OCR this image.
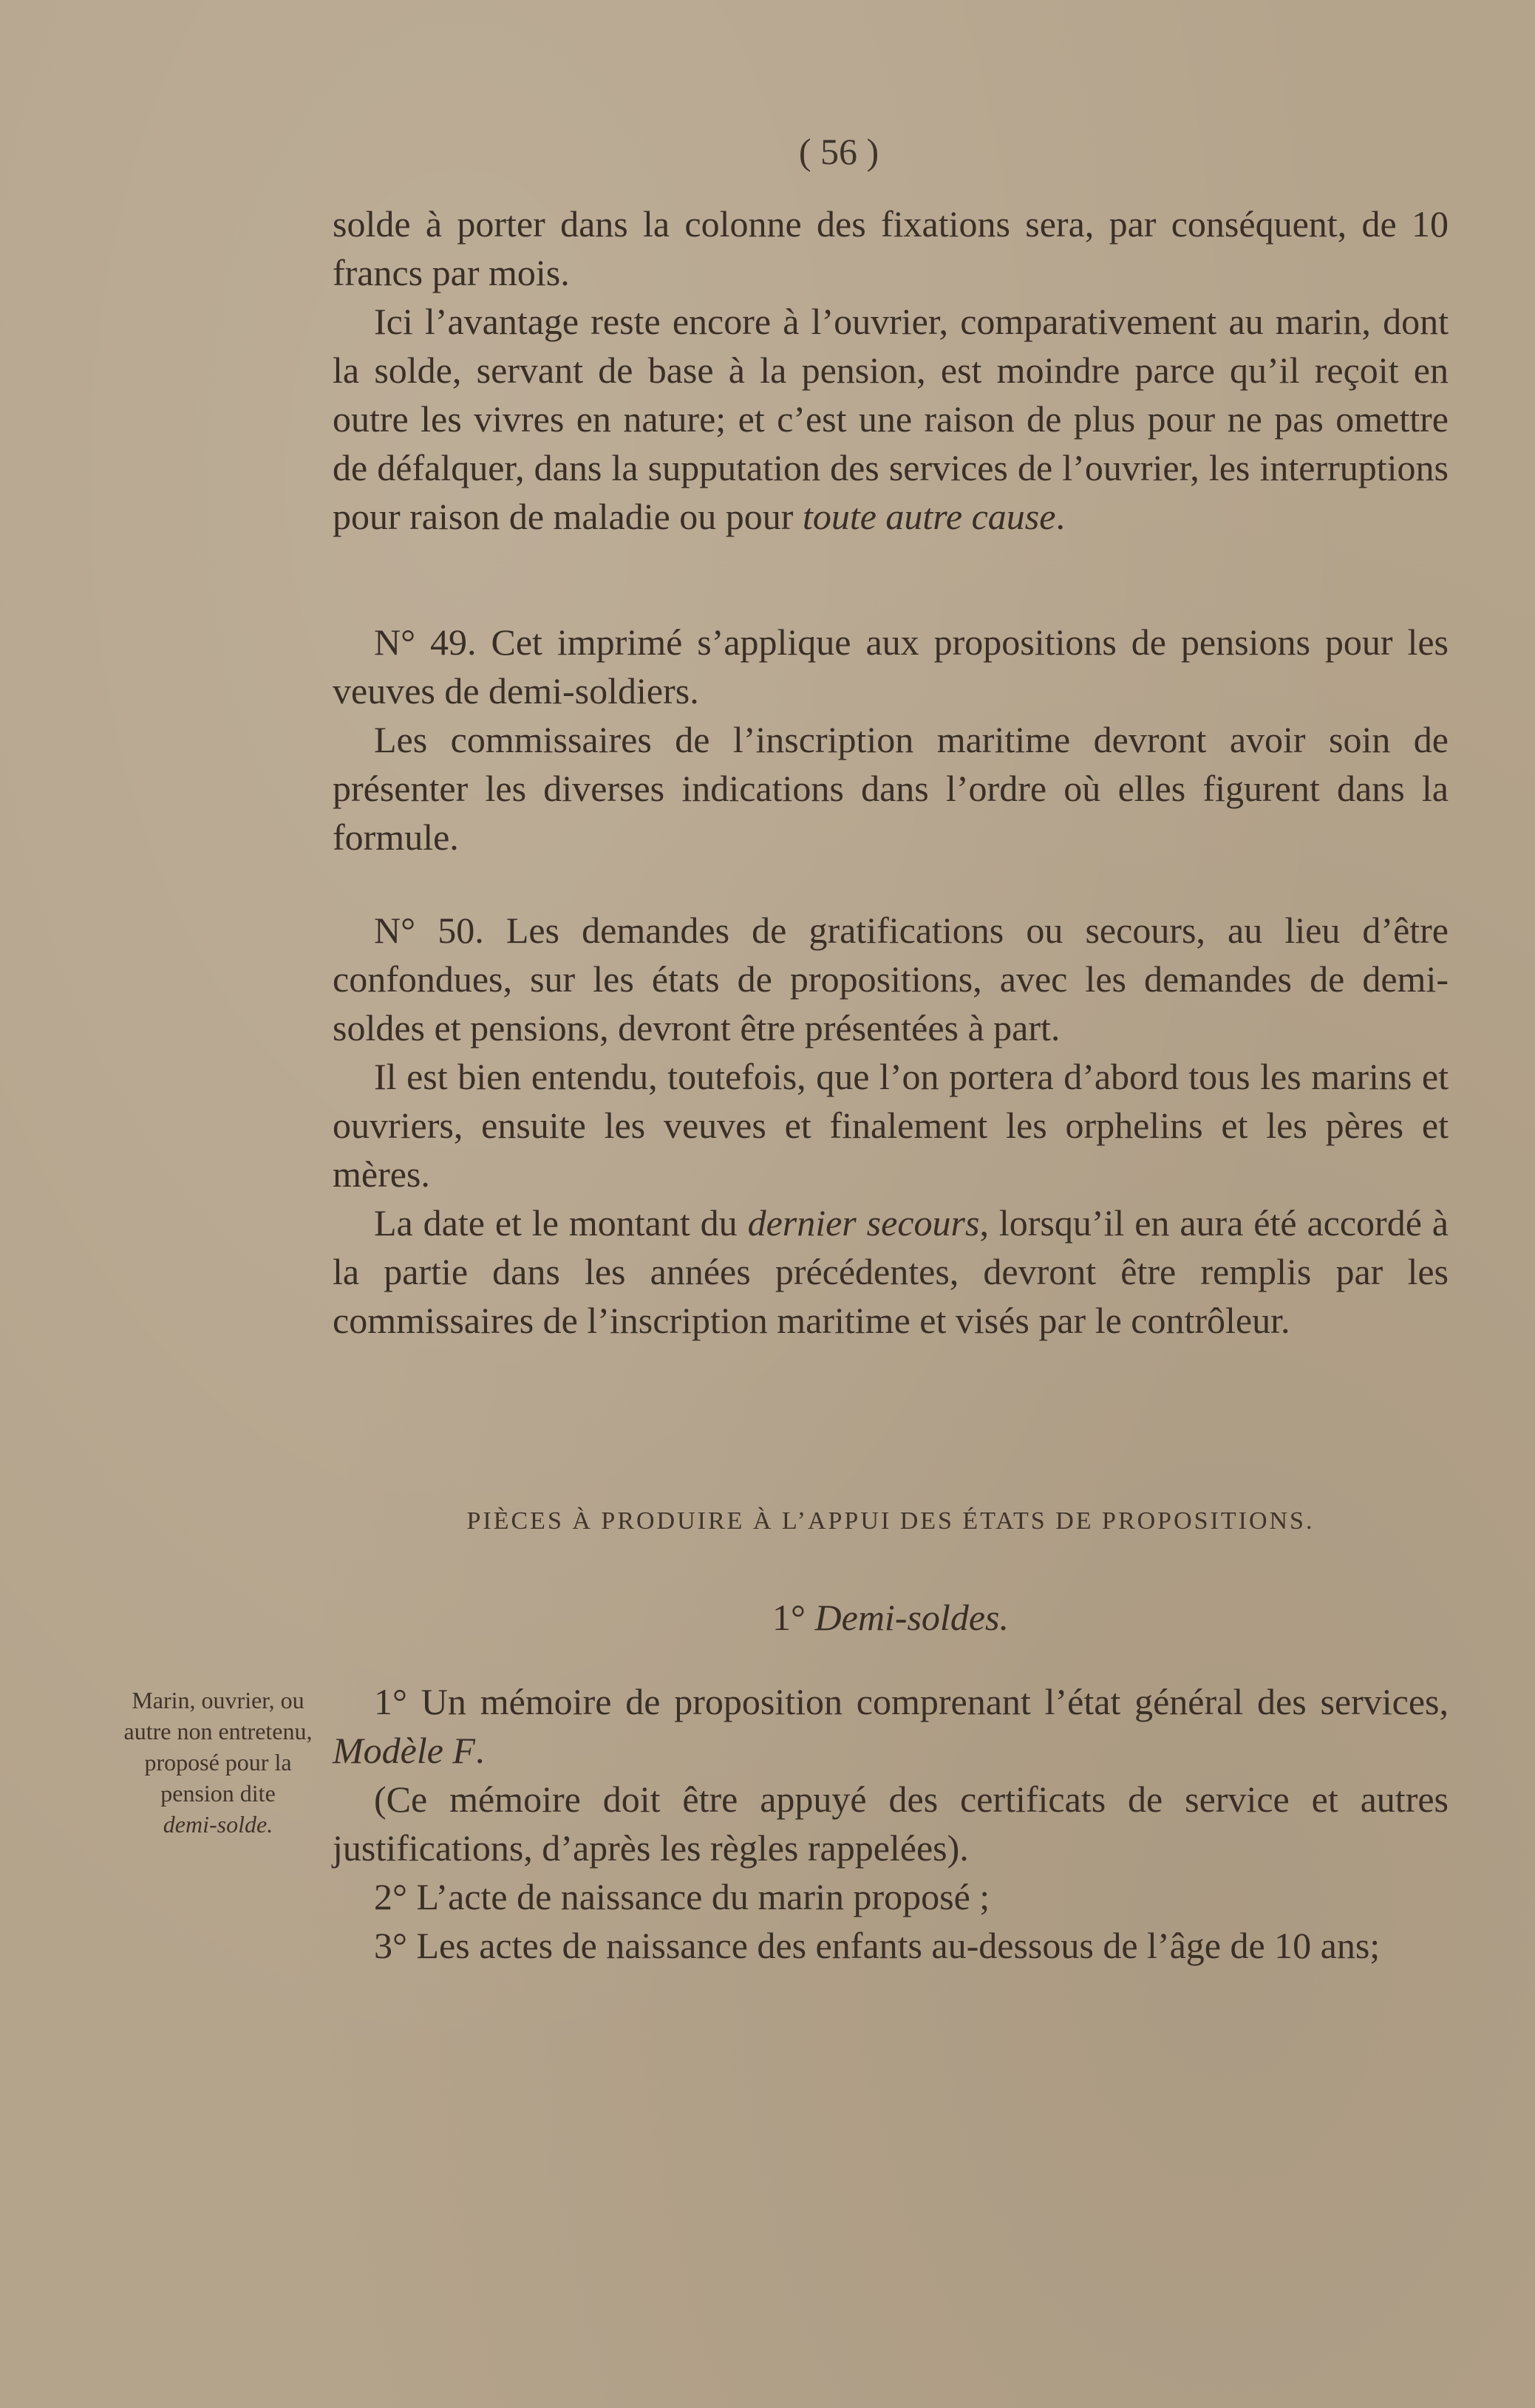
( 56 )

solde à porter dans la colonne des fixations sera, par conséquent, de 10 francs par mois.

Ici l’avantage reste encore à l’ouvrier, comparativement au marin, dont la solde, servant de base à la pension, est moindre parce qu’il reçoit en outre les vivres en nature; et c’est une raison de plus pour ne pas omettre de défalquer, dans la supputation des services de l’ouvrier, les interruptions pour raison de maladie ou pour toute autre cause.

N° 49. Cet imprimé s’applique aux propositions de pensions pour les veuves de demi-soldiers.

Les commissaires de l’inscription maritime devront avoir soin de présenter les diverses indications dans l’ordre où elles figurent dans la formule.

N° 50. Les demandes de gratifications ou secours, au lieu d’être confondues, sur les états de propositions, avec les demandes de demi-soldes et pensions, devront être présentées à part.

Il est bien entendu, toutefois, que l’on portera d’abord tous les marins et ouvriers, ensuite les veuves et finalement les orphelins et les pères et mères.

La date et le montant du dernier secours, lorsqu’il en aura été accordé à la partie dans les années précédentes, devront être remplis par les commissaires de l’inscription maritime et visés par le contrôleur.

PIÈCES À PRODUIRE À L’APPUI DES ÉTATS DE PROPOSITIONS.
1° Demi-soldes.
Marin, ouvrier, ou autre non entretenu, proposé pour la pension dite
demi-solde.

1° Un mémoire de proposition comprenant l’état général des services, Modèle F.

(Ce mémoire doit être appuyé des certificats de service et autres justifications, d’après les règles rappelées).

2° L’acte de naissance du marin proposé ;

3° Les actes de naissance des enfants au-dessous de l’âge de 10 ans;
